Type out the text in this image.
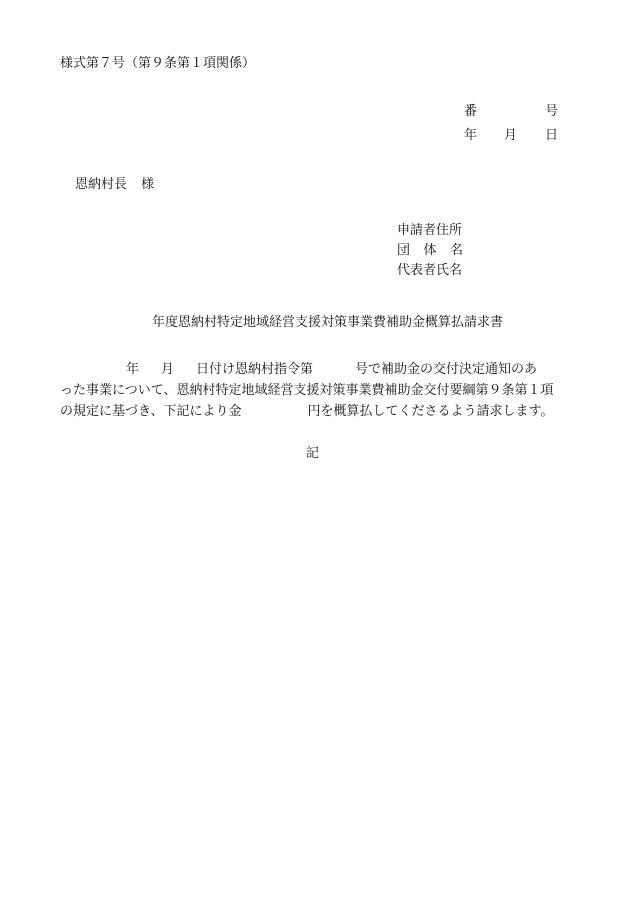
様式第７号（第９条第１項関係）
番	号
年 月 日
恩納村長 様
申請者住所
団 体 名
代表者氏名
年度恩納村特定地域経営支援対策事業費補助金概算払請求書
年 月 日付け恩納村指令第	号で補助金の交付決定通知のあ
った事業について、恩納村特定地域経営支援対策事業費補助金交付要綱第９条第１項
の規定に基づき、下記により金	円を概算払してくださるよう請求します。
記
